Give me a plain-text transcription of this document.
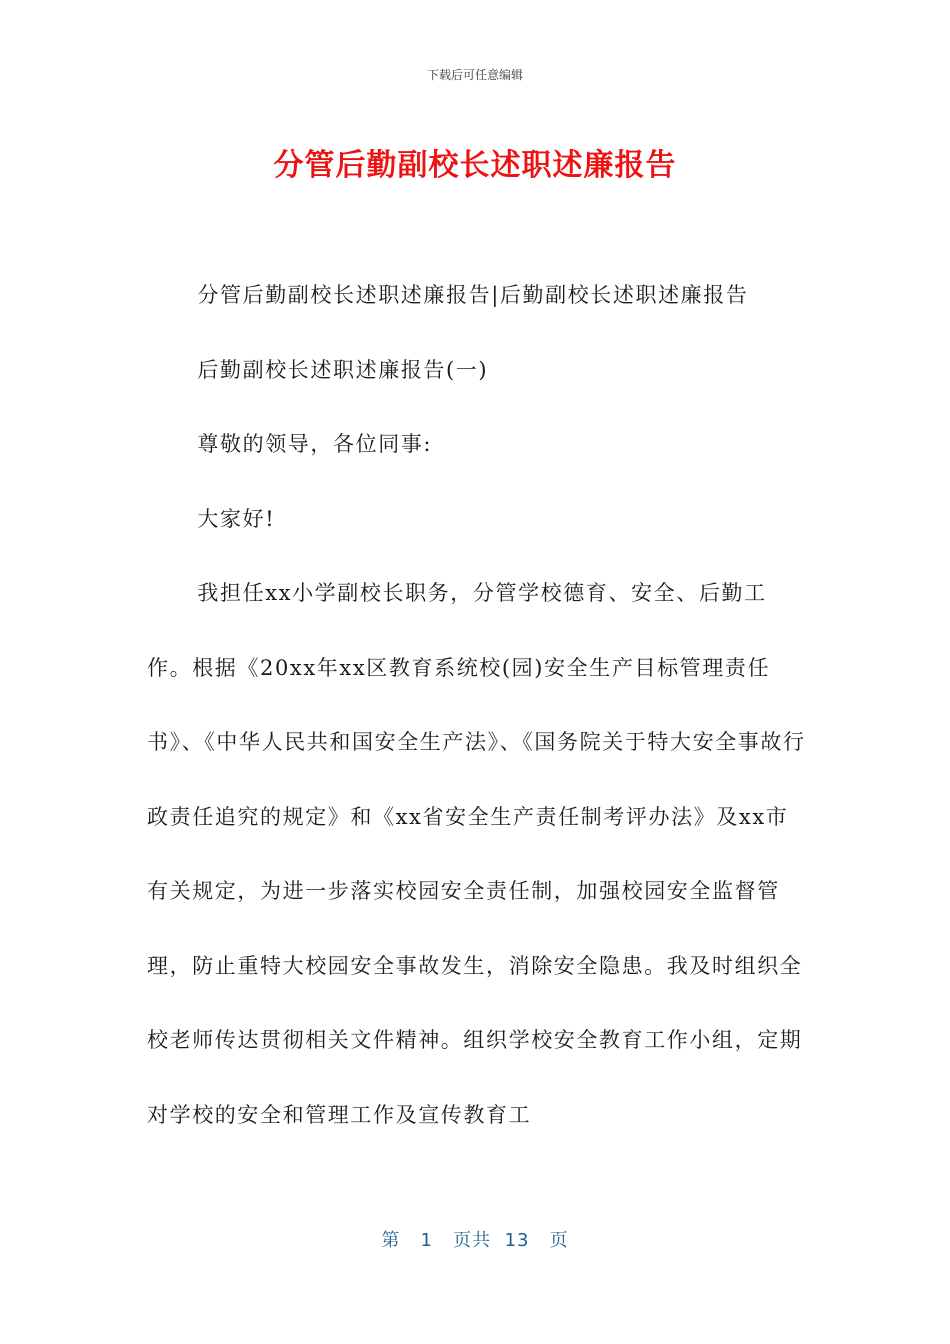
下载后可任意编辑
分管后勤副校长述职述廉报告

分管后勤副校长述职述廉报告|后勤副校长述职述廉报告

后勤副校长述职述廉报告(一)

尊敬的领导，各位同事:

大家好!

我担任xx小学副校长职务，分管学校德育、安全、后勤工作。根据《20xx年xx区教育系统校(园)安全生产目标管理责任书》、《中华人民共和国安全生产法》、《国务院关于特大安全事故行政责任追究的规定》和《xx省安全生产责任制考评办法》及xx市有关规定，为进一步落实校园安全责任制，加强校园安全监督管理，防止重特大校园安全事故发生，消除安全隐患。我及时组织全校老师传达贯彻相关文件精神。组织学校安全教育工作小组，定期对学校的安全和管理工作及宣传教育工

第 1 页共 13 页
